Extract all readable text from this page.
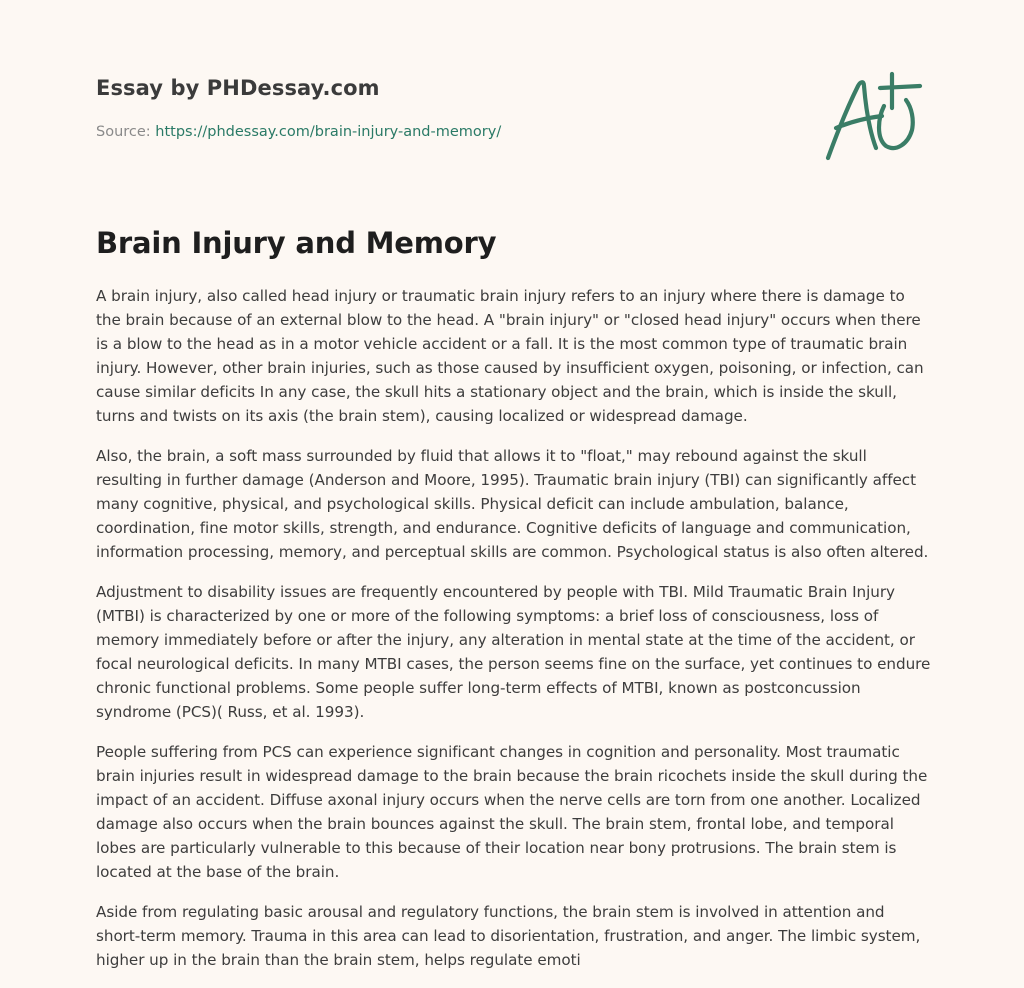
Essay by PHDessay.com
Source: https://phdessay.com/brain-injury-and-memory/
Brain Injury and Memory

A brain injury, also called head injury or traumatic brain injury refers to an injury where there is damage to the brain because of an external blow to the head. A "brain injury" or "closed head injury" occurs when there is a blow to the head as in a motor vehicle accident or a fall. It is the most common type of traumatic brain injury. However, other brain injuries, such as those caused by insufficient oxygen, poisoning, or infection, can cause similar deficits In any case, the skull hits a stationary object and the brain, which is inside the skull, turns and twists on its axis (the brain stem), causing localized or widespread damage.

Also, the brain, a soft mass surrounded by fluid that allows it to "float," may rebound against the skull resulting in further damage (Anderson and Moore, 1995). Traumatic brain injury (TBI) can significantly affect many cognitive, physical, and psychological skills. Physical deficit can include ambulation, balance, coordination, fine motor skills, strength, and endurance. Cognitive deficits of language and communication, information processing, memory, and perceptual skills are common. Psychological status is also often altered.

Adjustment to disability issues are frequently encountered by people with TBI. Mild Traumatic Brain Injury (MTBI) is characterized by one or more of the following symptoms: a brief loss of consciousness, loss of memory immediately before or after the injury, any alteration in mental state at the time of the accident, or focal neurological deficits. In many MTBI cases, the person seems fine on the surface, yet continues to endure chronic functional problems. Some people suffer long-term effects of MTBI, known as postconcussion syndrome (PCS)( Russ, et al. 1993).

People suffering from PCS can experience significant changes in cognition and personality. Most traumatic brain injuries result in widespread damage to the brain because the brain ricochets inside the skull during the impact of an accident. Diffuse axonal injury occurs when the nerve cells are torn from one another. Localized damage also occurs when the brain bounces against the skull. The brain stem, frontal lobe, and temporal lobes are particularly vulnerable to this because of their location near bony protrusions. The brain stem is located at the base of the brain.

Aside from regulating basic arousal and regulatory functions, the brain stem is involved in attention and short-term memory. Trauma in this area can lead to disorientation, frustration, and anger. The limbic system, higher up in the brain than the brain stem, helps regulate emoti
